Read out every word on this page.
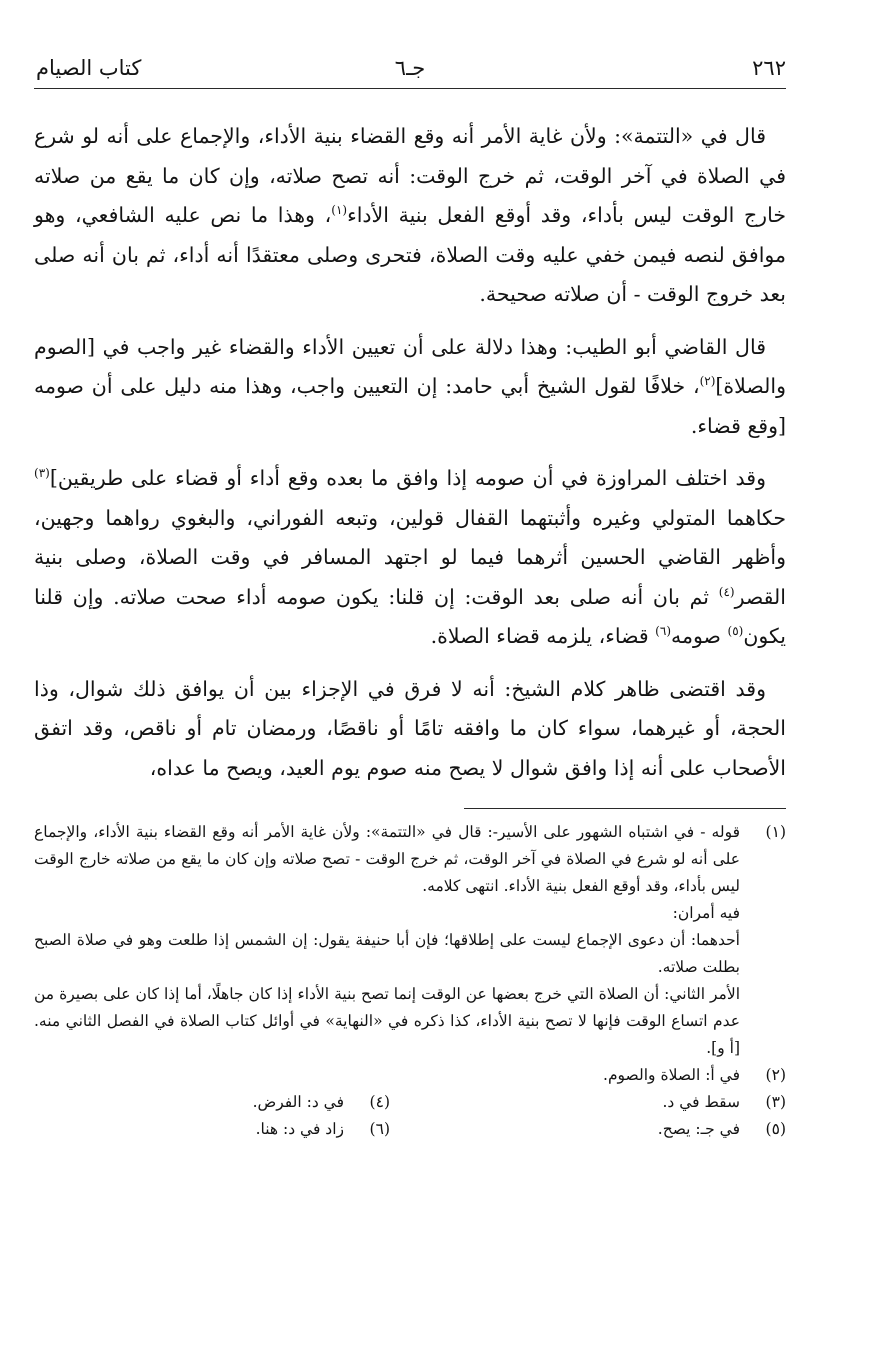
٢٦٢
جـ٦
كتاب الصيام

قال في «التتمة»: ولأن غاية الأمر أنه وقع القضاء بنية الأداء، والإجماع على أنه لو شرع في الصلاة في آخر الوقت، ثم خرج الوقت: أنه تصح صلاته، وإن كان ما يقع من صلاته خارج الوقت ليس بأداء، وقد أوقع الفعل بنية الأداء$^{(١)}$، وهذا ما نص عليه الشافعي، وهو موافق لنصه فيمن خفي عليه وقت الصلاة، فتحرى وصلى معتقدًا أنه أداء، ثم بان أنه صلى بعد خروج الوقت - أن صلاته صحيحة.

قال القاضي أبو الطيب: وهذا دلالة على أن تعيين الأداء والقضاء غير واجب في [الصوم والصلاة]$^{(٢)}$، خلافًا لقول الشيخ أبي حامد: إن التعيين واجب، وهذا منه دليل على أن صومه [وقع قضاء.

وقد اختلف المراوزة في أن صومه إذا وافق ما بعده وقع أداء أو قضاء على طريقين]$^{(٣)}$ حكاهما المتولي وغيره وأثبتهما القفال قولين، وتبعه الفوراني، والبغوي رواهما وجهين، وأظهر القاضي الحسين أثرهما فيما لو اجتهد المسافر في وقت الصلاة، وصلى بنية القصر$^{(٤)}$ ثم بان أنه صلى بعد الوقت: إن قلنا: يكون صومه أداء صحت صلاته. وإن قلنا يكون$^{(٥)}$ صومه$^{(٦)}$ قضاء، يلزمه قضاء الصلاة.

وقد اقتضى ظاهر كلام الشيخ: أنه لا فرق في الإجزاء بين أن يوافق ذلك شوال، وذا الحجة، أو غيرهما، سواء كان ما وافقه تامًا أو ناقصًا، ورمضان تام أو ناقص، وقد اتفق الأصحاب على أنه إذا وافق شوال لا يصح منه صوم يوم العيد، ويصح ما عداه،

(١)
قوله - في اشتباه الشهور على الأسير-: قال في «التتمة»: ولأن غاية الأمر أنه وقع القضاء بنية الأداء، والإجماع على أنه لو شرع في الصلاة في آخر الوقت، ثم خرج الوقت - تصح صلاته وإن كان ما يقع من صلاته خارج الوقت ليس بأداء، وقد أوقع الفعل بنية الأداء. انتهى كلامه.
فيه أمران:
أحدهما: أن دعوى الإجماع ليست على إطلاقها؛ فإن أبا حنيفة يقول: إن الشمس إذا طلعت وهو في صلاة الصبح بطلت صلاته.
الأمر الثاني: أن الصلاة التي خرج بعضها عن الوقت إنما تصح بنية الأداء إذا كان جاهلًا، أما إذا كان على بصيرة من عدم اتساع الوقت فإنها لا تصح بنية الأداء، كذا ذكره في «النهاية» في أوائل كتاب الصلاة في الفصل الثاني منه. [أ و].
(٢)
في أ: الصلاة والصوم.
(٣)
سقط في د.
(٤)
في د: الفرض.
(٥)
في جـ: يصح.
(٦)
زاد في د: هنا.
